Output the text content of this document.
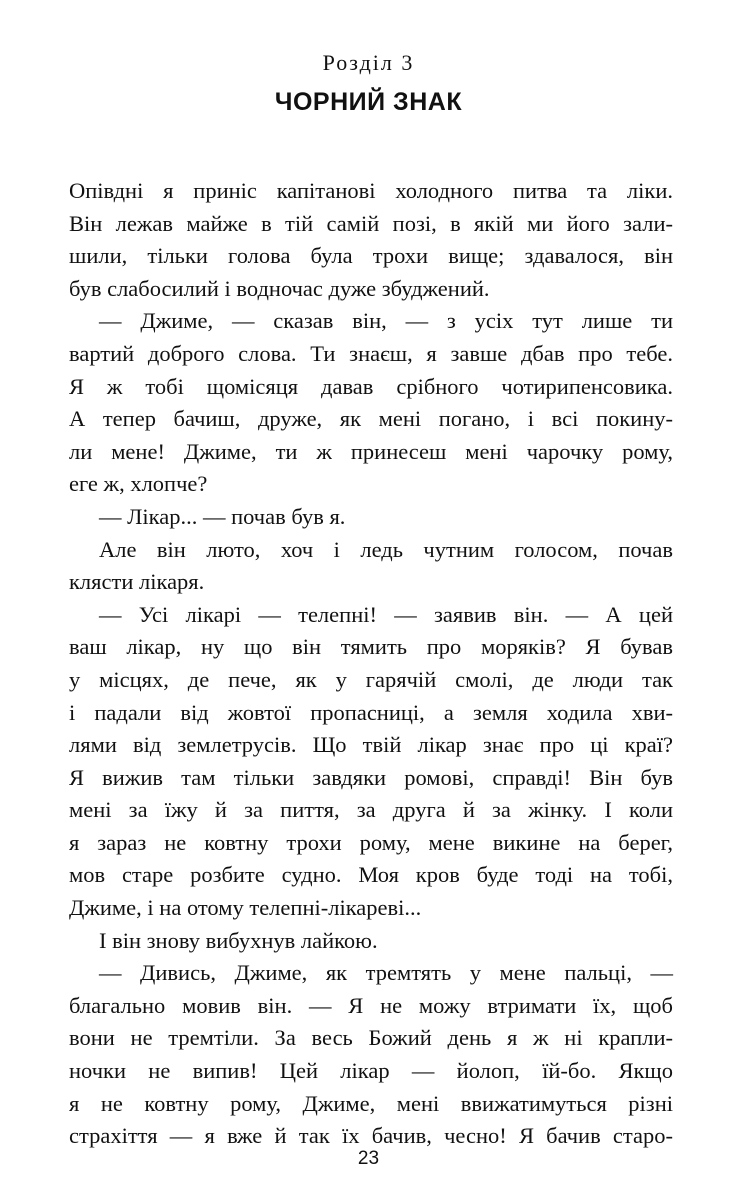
Розділ 3
ЧОРНИЙ ЗНАК
Опівдні я приніс капітанові холодного питва та ліки.
Він лежав майже в тій самій позі, в якій ми його зали-
шили, тільки голова була трохи вище; здавалося, він
був слабосилий і водночас дуже збуджений.
— Джиме, — сказав він, — з усіх тут лише ти
вартий доброго слова. Ти знаєш, я завше дбав про тебе.
Я ж тобі щомісяця давав срібного чотирипенсовика.
А тепер бачиш, друже, як мені погано, і всі покину-
ли мене! Джиме, ти ж принесеш мені чарочку рому,
еге ж, хлопче?
— Лікар... — почав був я.
Але він люто, хоч і ледь чутним голосом, почав
клясти лікаря.
— Усі лікарі — телепні! — заявив він. — А цей
ваш лікар, ну що він тямить про моряків? Я бував
у місцях, де пече, як у гарячій смолі, де люди так
і падали від жовтої пропасниці, а земля ходила хви-
лями від землетрусів. Що твій лікар знає про ці краї?
Я вижив там тільки завдяки ромові, справді! Він був
мені за їжу й за пиття, за друга й за жінку. І коли
я зараз не ковтну трохи рому, мене викине на берег,
мов старе розбите судно. Моя кров буде тоді на тобі,
Джиме, і на отому телепні-лікареві...
І він знову вибухнув лайкою.
— Дивись, Джиме, як тремтять у мене пальці, —
благально мовив він. — Я не можу втримати їх, щоб
вони не тремтіли. За весь Божий день я ж ні крапли-
ночки не випив! Цей лікар — йолоп, їй-бо. Якщо
я не ковтну рому, Джиме, мені ввижатимуться різні
страхіття — я вже й так їх бачив, чесно! Я бачив старо-
23
